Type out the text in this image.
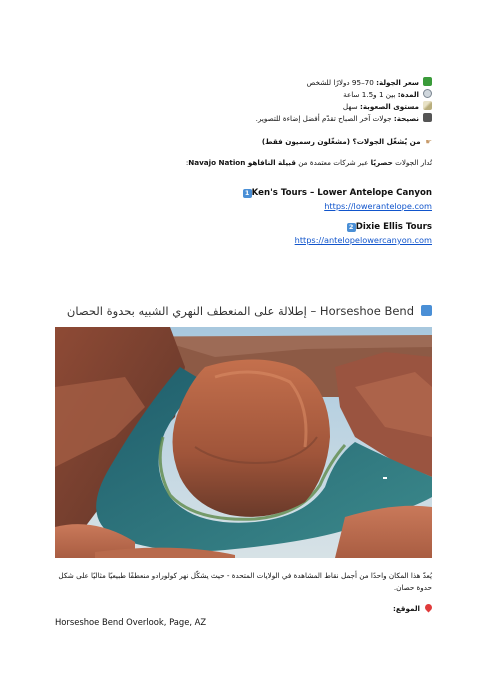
سعر الجولة: 70–95 دولارًا للشخص
المدة: بين 1 و1.5 ساعة
مستوى الصعوبة: سهل
نصيحة: جولات آخر الصباح تقدّم أفضل إضاءة للتصوير.
☛من يُشغّل الجولات؟ (مشغّلون رسميون فقط)
تُدار الجولات حصريًا عبر شركات معتمدة من قبيلة النافاهو Navajo Nation:
1 Ken's Tours – Lower Antelope Canyon
https://lowerantelope.com
2 Dixie Ellis Tours
https://antelopelowercanyon.com
Horseshoe Bend – إطلالة على المنعطف النهري الشبيه بحدوة الحصان
يُعدّ هذا المكان واحدًا من أجمل نقاط المشاهدة في الولايات المتحدة - حيث يشكّل نهر كولورادو منعطفًا طبيعيًا مثاليًا على شكل حدوة حصان.
الموقع:
Horseshoe Bend Overlook, Page, AZ
